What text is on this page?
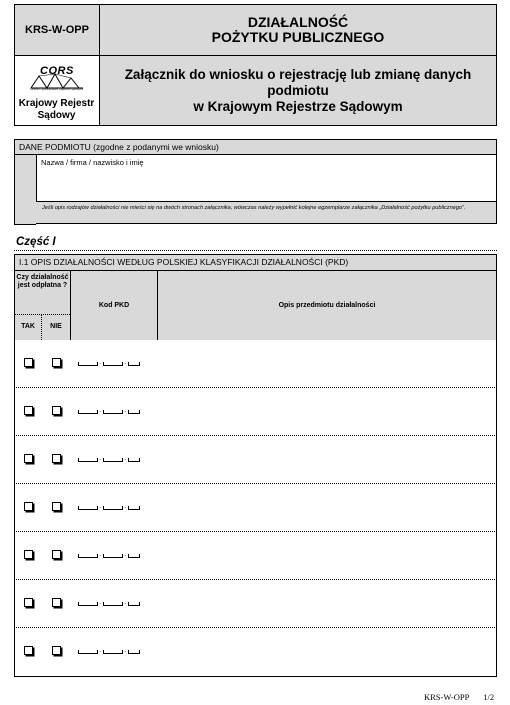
KRS-W-OPP
CORS
Centrum Ogólnopolskich Rejestrów Sądowych
Krajowy Rejestr
Sądowy
DZIAŁALNOŚĆ
POŻYTKU PUBLICZNEGO
Załącznik do wniosku o rejestrację lub zmianę danych
podmiotu
w Krajowym Rejestrze Sądowym
DANE PODMIOTU (zgodne z podanymi we wniosku)
Nazwa / firma / nazwisko i imię
Jeśli opis rodzajów działalności nie mieści się na dwóch stronach załącznika, wówczas należy wypełnić kolejne egzemplarze załącznika „Działalność pożytku publicznego”.
Część I
I.1 OPIS DZIAŁALNOŚCI WEDŁUG POLSKIEJ KLASYFIKACJI DZIAŁALNOŚCI (PKD)
Czy działalność jest odpłatna ?
TAK	NIE
Kod PKD	Opis przedmiotu działalności
·	·
·	·
·	·
·	·
·	·
·	·
·	·
KRS-W-OPP 1/2
